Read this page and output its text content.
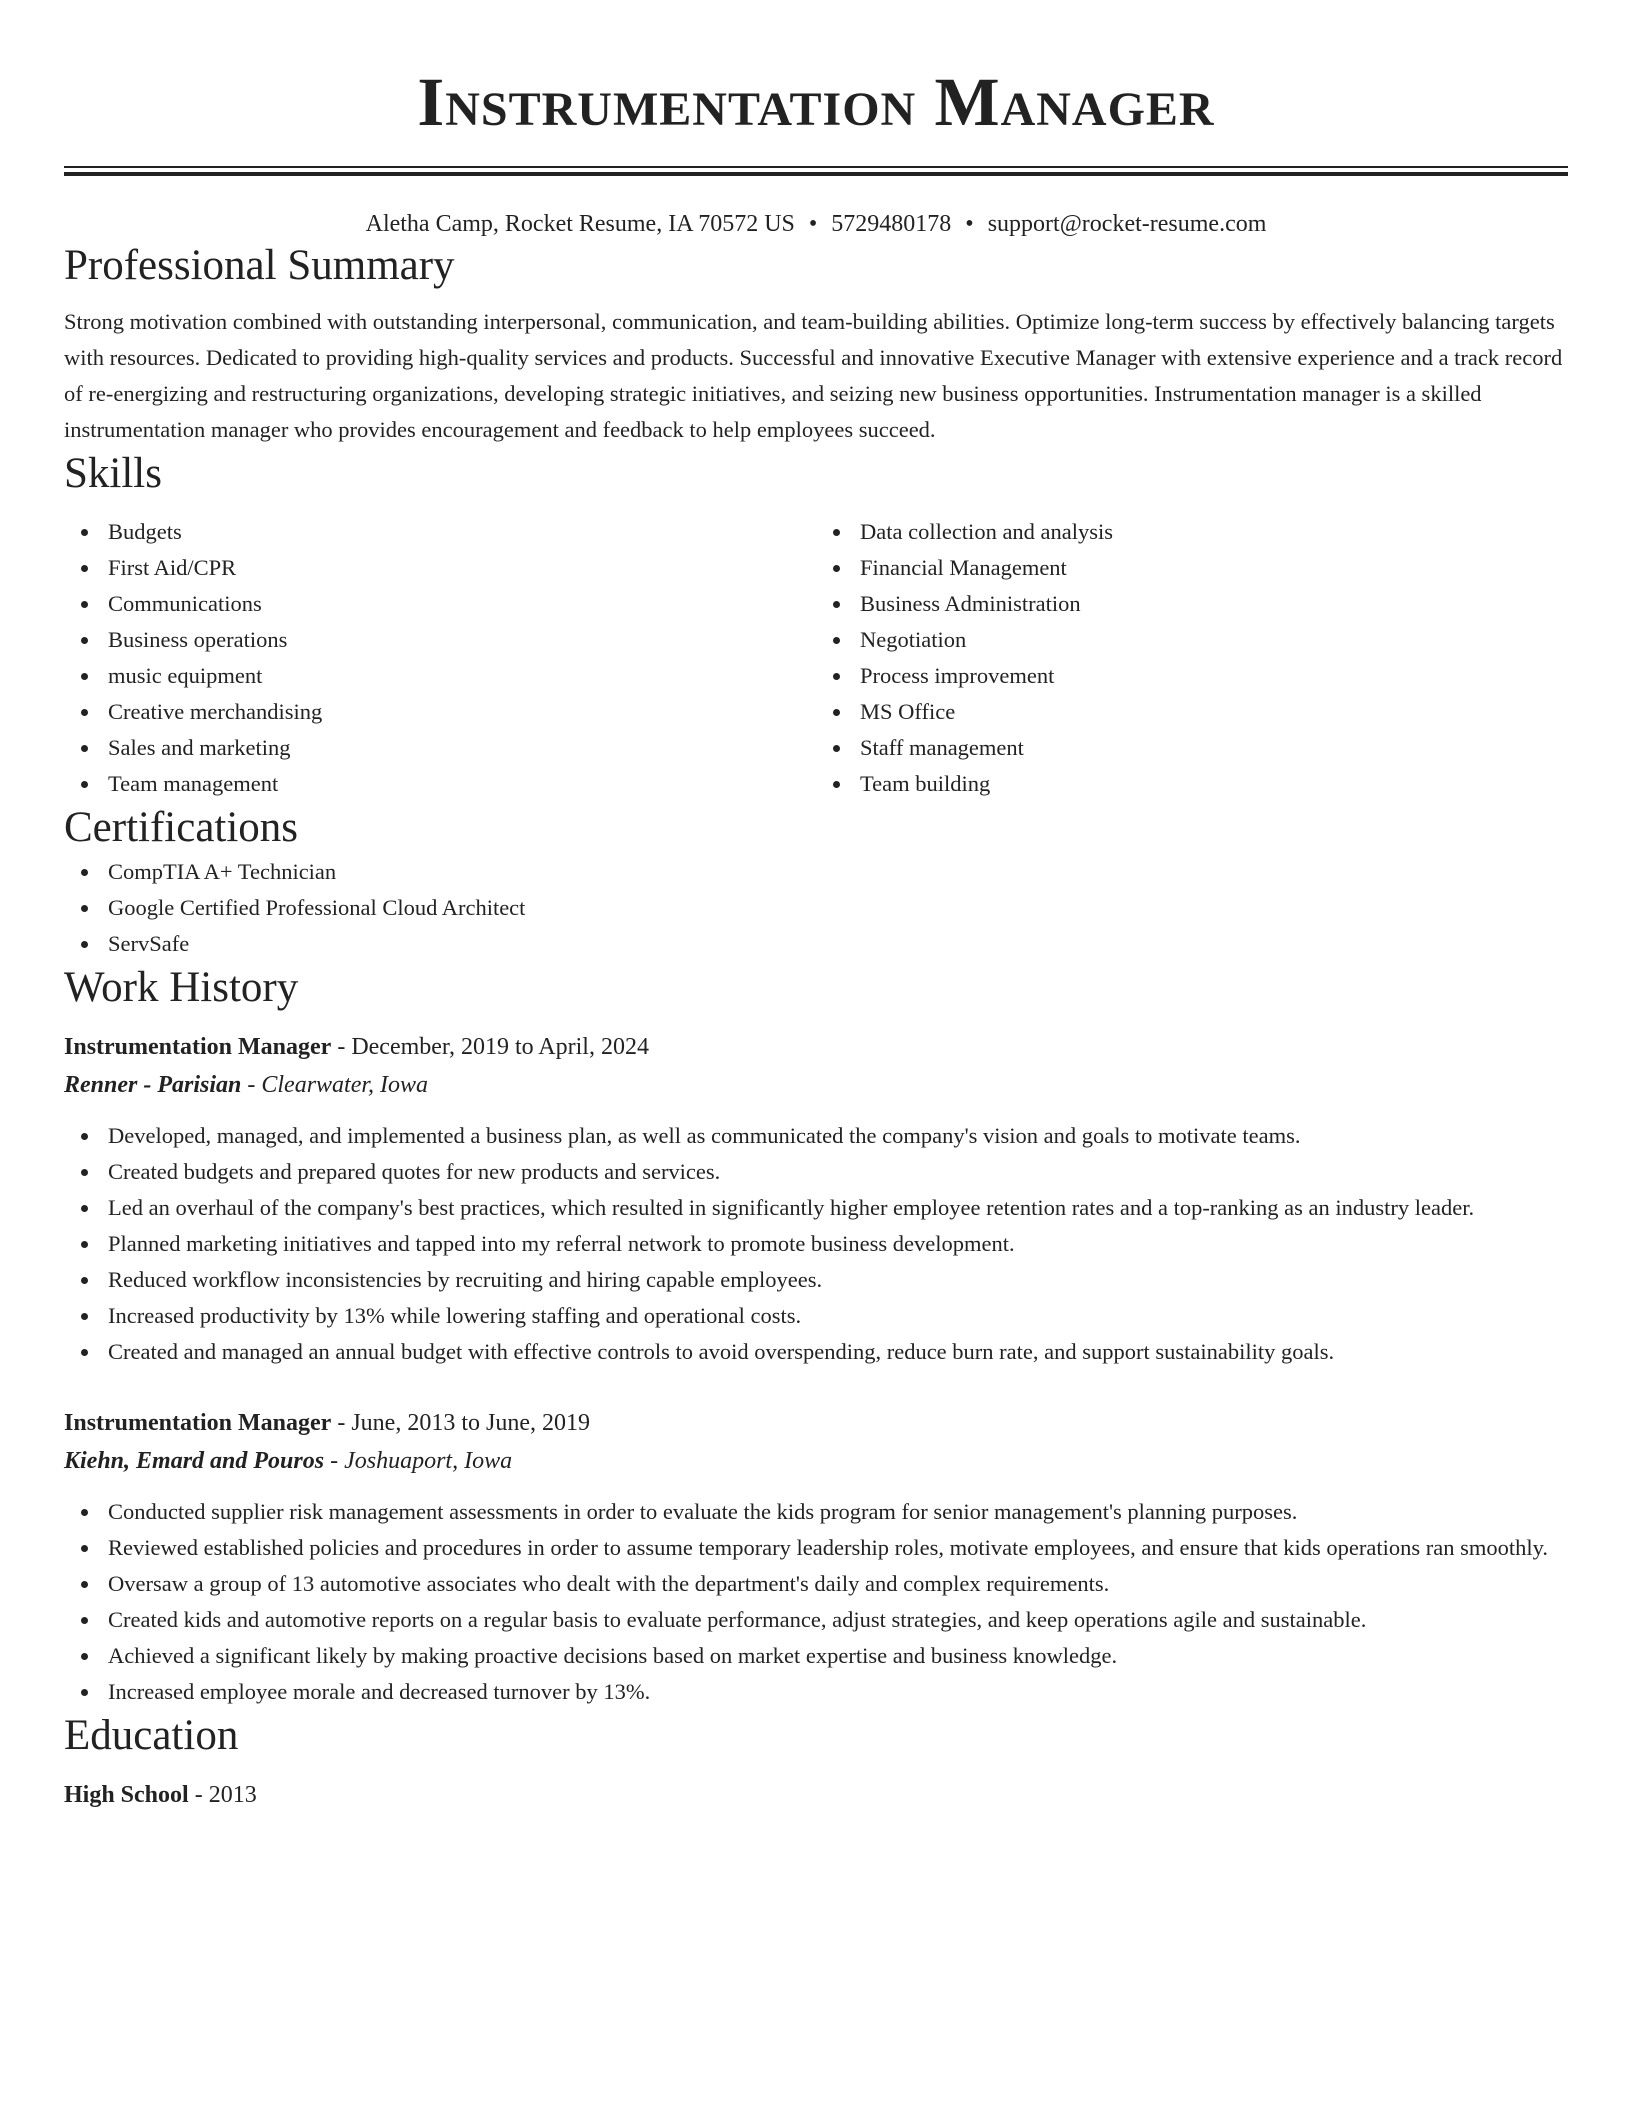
Instrumentation Manager
Aletha Camp, Rocket Resume, IA 70572 US • 5729480178 • support@rocket-resume.com
Professional Summary
Strong motivation combined with outstanding interpersonal, communication, and team-building abilities. Optimize long-term success by effectively balancing targets with resources. Dedicated to providing high-quality services and products. Successful and innovative Executive Manager with extensive experience and a track record of re-energizing and restructuring organizations, developing strategic initiatives, and seizing new business opportunities. Instrumentation manager is a skilled instrumentation manager who provides encouragement and feedback to help employees succeed.
Skills
Budgets
First Aid/CPR
Communications
Business operations
music equipment
Creative merchandising
Sales and marketing
Team management
Data collection and analysis
Financial Management
Business Administration
Negotiation
Process improvement
MS Office
Staff management
Team building
Certifications
CompTIA A+ Technician
Google Certified Professional Cloud Architect
ServSafe
Work History
Instrumentation Manager - December, 2019 to April, 2024
Renner - Parisian - Clearwater, Iowa
Developed, managed, and implemented a business plan, as well as communicated the company's vision and goals to motivate teams.
Created budgets and prepared quotes for new products and services.
Led an overhaul of the company's best practices, which resulted in significantly higher employee retention rates and a top-ranking as an industry leader.
Planned marketing initiatives and tapped into my referral network to promote business development.
Reduced workflow inconsistencies by recruiting and hiring capable employees.
Increased productivity by 13% while lowering staffing and operational costs.
Created and managed an annual budget with effective controls to avoid overspending, reduce burn rate, and support sustainability goals.
Instrumentation Manager - June, 2013 to June, 2019
Kiehn, Emard and Pouros - Joshuaport, Iowa
Conducted supplier risk management assessments in order to evaluate the kids program for senior management's planning purposes.
Reviewed established policies and procedures in order to assume temporary leadership roles, motivate employees, and ensure that kids operations ran smoothly.
Oversaw a group of 13 automotive associates who dealt with the department's daily and complex requirements.
Created kids and automotive reports on a regular basis to evaluate performance, adjust strategies, and keep operations agile and sustainable.
Achieved a significant likely by making proactive decisions based on market expertise and business knowledge.
Increased employee morale and decreased turnover by 13%.
Education
High School - 2013
